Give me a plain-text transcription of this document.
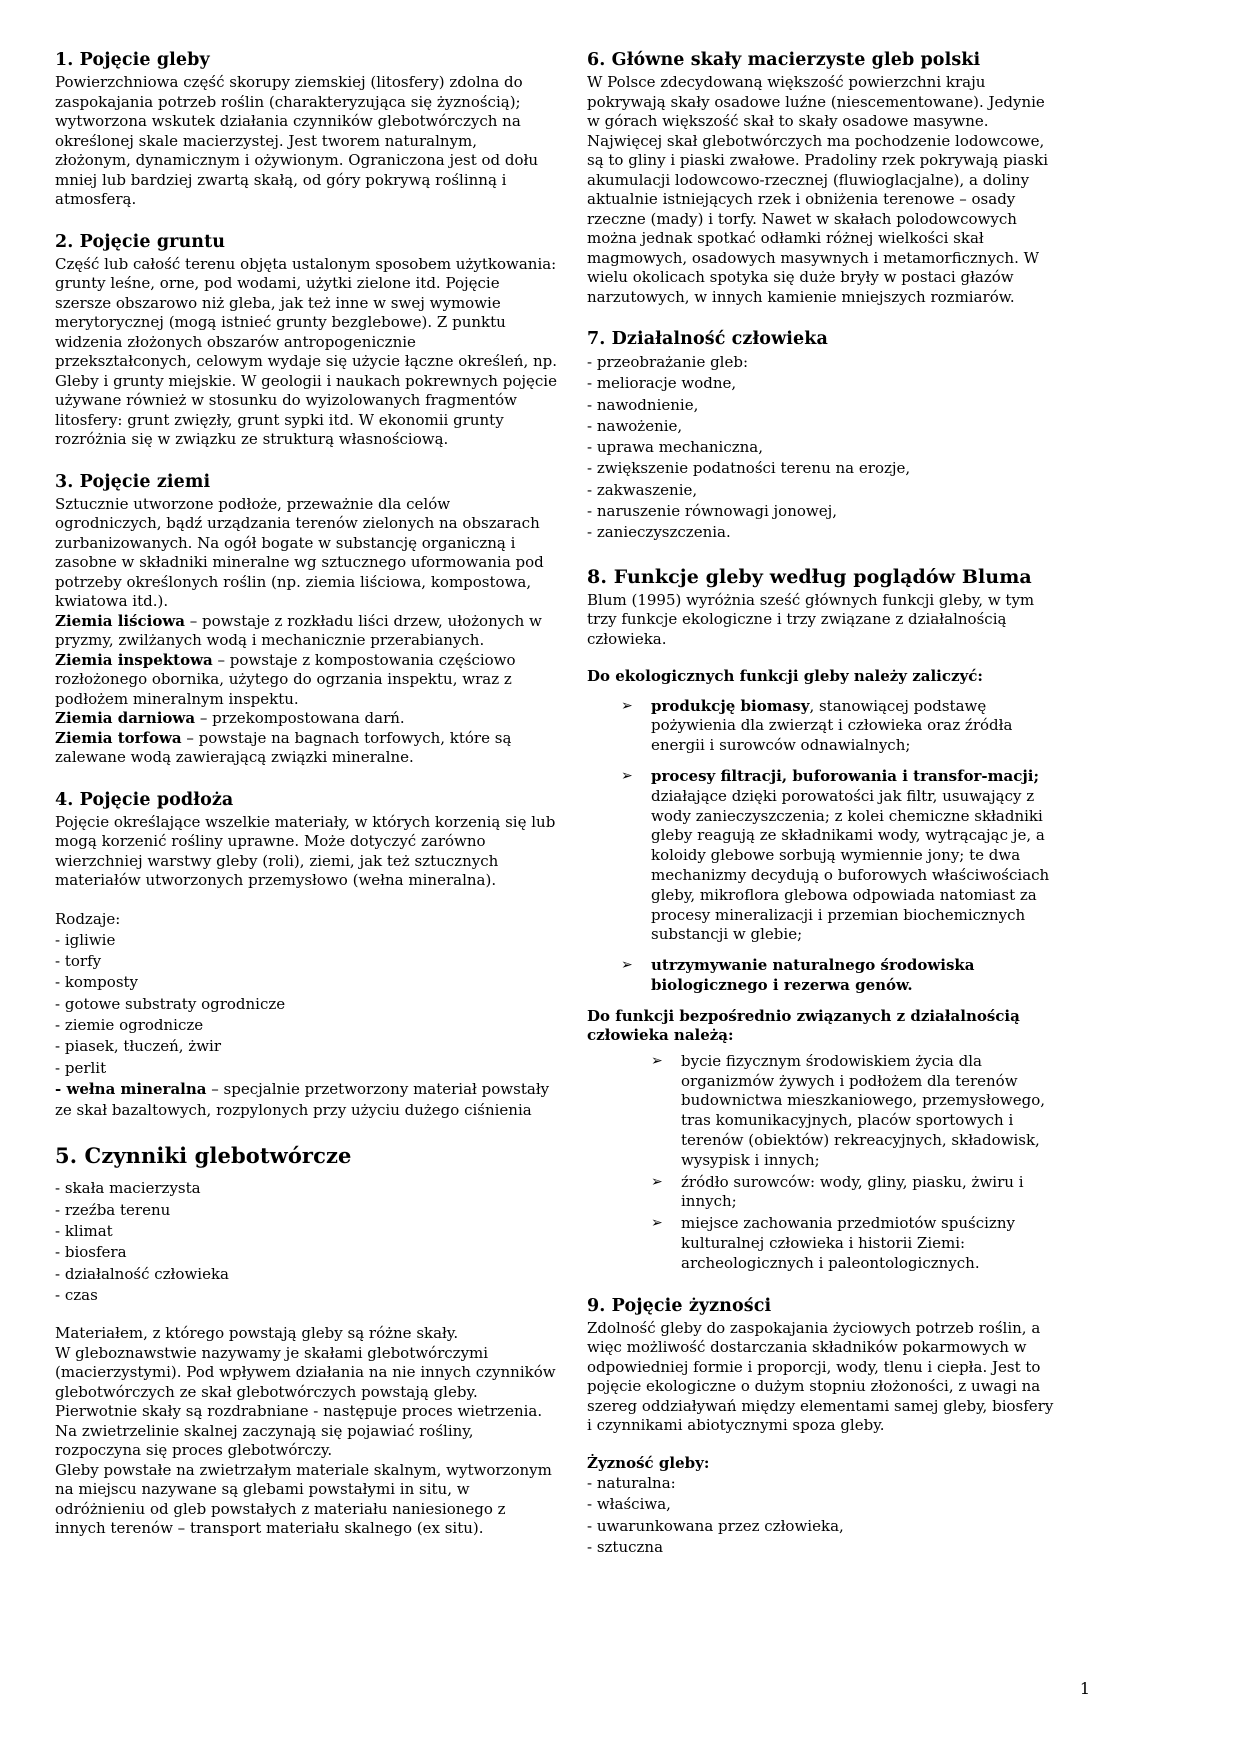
1. Pojęcie gleby
Powierzchniowa część skorupy ziemskiej (litosfery) zdolna do zaspokajania potrzeb roślin (charakteryzująca się żyznością); wytworzona wskutek działania czynników glebotwórczych na określonej skale macierzystej. Jest tworem naturalnym, złożonym, dynamicznym i ożywionym. Ograniczona jest od dołu mniej lub bardziej zwartą skałą, od góry pokrywą roślinną i atmosferą.
2. Pojęcie gruntu
Część lub całość terenu objęta ustalonym sposobem użytkowania: grunty leśne, orne, pod wodami, użytki zielone itd. Pojęcie szersze obszarowo niż gleba, jak też inne w swej wymowie merytorycznej (mogą istnieć grunty bezglebowe). Z punktu widzenia złożonych obszarów antropogenicznie przekształconych, celowym wydaje się użycie łączne określeń, np. Gleby i grunty miejskie. W geologii i naukach pokrewnych pojęcie używane również w stosunku do wyizolowanych fragmentów litosfery: grunt zwięzły, grunt sypki itd. W ekonomii grunty rozróżnia się w związku ze strukturą własnościową.
3. Pojęcie ziemi
Sztucznie utworzone podłoże, przeważnie dla celów ogrodniczych, bądź urządzania terenów zielonych na obszarach zurbanizowanych. Na ogół bogate w substancję organiczną i zasobne w składniki mineralne wg sztucznego uformowania pod potrzeby określonych roślin (np. ziemia liściowa, kompostowa, kwiatowa itd.).
Ziemia liściowa – powstaje z rozkładu liści drzew, ułożonych w pryzmy, zwilżanych wodą i mechanicznie przerabianych.
Ziemia inspektowa – powstaje z kompostowania częściowo rozłożonego obornika, użytego do ogrzania inspektu, wraz z podłożem mineralnym inspektu.
Ziemia darniowa – przekompostowana darń.
Ziemia torfowa – powstaje na bagnach torfowych, które są zalewane wodą zawierającą związki mineralne.
4. Pojęcie podłoża
Pojęcie określające wszelkie materiały, w których korzenią się lub mogą korzenić rośliny uprawne. Może dotyczyć zarówno wierzchniej warstwy gleby (roli), ziemi, jak też sztucznych materiałów utworzonych przemysłowo (wełna mineralna).
Rodzaje:
- igliwie
- torfy
- komposty
- gotowe substraty ogrodnicze
- ziemie ogrodnicze
- piasek, tłuczeń, żwir
- perlit
- wełna mineralna – specjalnie przetworzony materiał powstały ze skał bazaltowych, rozpylonych przy użyciu dużego ciśnienia
5. Czynniki glebotwórcze
- skała macierzysta
- rzeźba terenu
- klimat
- biosfera
- działalność człowieka
- czas
Materiałem, z którego powstają gleby są różne skały.
W gleboznawstwie nazywamy je skałami glebotwórczymi (macierzystymi). Pod wpływem działania na nie innych czynników glebotwórczych ze skał glebotwórczych powstają gleby.
Pierwotnie skały są rozdrabniane - następuje proces wietrzenia. Na zwietrzelinie skalnej zaczynają się pojawiać rośliny, rozpoczyna się proces glebotwórczy.
Gleby powstałe na zwietrzałym materiale skalnym, wytworzonym na miejscu nazywane są glebami powstałymi in situ, w odróżnieniu od gleb powstałych z materiału naniesionego z innych terenów – transport materiału skalnego (ex situ).
6. Główne skały macierzyste gleb polski
W Polsce zdecydowaną większość powierzchni kraju pokrywają skały osadowe luźne (niescementowane). Jedynie w górach większość skał to skały osadowe masywne. Najwięcej skał glebotwórczych ma pochodzenie lodowcowe, są to gliny i piaski zwałowe. Pradoliny rzek pokrywają piaski akumulacji lodowcowo-rzecznej (fluwioglacjalne), a doliny aktualnie istniejących rzek i obniżenia terenowe – osady rzeczne (mady) i torfy. Nawet w skałach polodowcowych można jednak spotkać odłamki różnej wielkości skał magmowych, osadowych masywnych i metamorficznych. W wielu okolicach spotyka się duże bryły w postaci głazów narzutowych, w innych kamienie mniejszych rozmiarów.
7. Działalność człowieka
- przeobrażanie gleb:
- melioracje wodne,
- nawodnienie,
- nawożenie,
- uprawa mechaniczna,
- zwiększenie podatności terenu na erozje,
- zakwaszenie,
- naruszenie równowagi jonowej,
- zanieczyszczenia.
8. Funkcje gleby według poglądów Bluma
Blum (1995) wyróżnia sześć głównych funkcji gleby, w tym trzy funkcje ekologiczne i trzy związane z działalnością człowieka.
Do ekologicznych funkcji gleby należy zaliczyć:
➢	produkcję biomasy, stanowiącej podstawę pożywienia dla zwierząt i człowieka oraz źródła energii i surowców odnawialnych;
➢	procesy filtracji, buforowania i transfor-macji; działające dzięki porowatości jak filtr, usuwający z wody zanieczyszczenia; z kolei chemiczne składniki gleby reagują ze składnikami wody, wytrącając je, a koloidy glebowe sorbują wymiennie jony; te dwa mechanizmy decydują o buforowych właściwościach gleby, mikroflora glebowa odpowiada natomiast za procesy mineralizacji i przemian biochemicznych substancji w glebie;
➢	utrzymywanie naturalnego środowiska biologicznego i rezerwa genów.
Do funkcji bezpośrednio związanych z działalnością człowieka należą:
➢	bycie fizycznym środowiskiem życia dla organizmów żywych i podłożem dla terenów budownictwa mieszkaniowego, przemysłowego, tras komunikacyjnych, placów sportowych i terenów (obiektów) rekreacyjnych, składowisk, wysypisk i innych;
➢	źródło surowców: wody, gliny, piasku, żwiru i innych;
➢	miejsce zachowania przedmiotów spuścizny kulturalnej człowieka i historii Ziemi: archeologicznych i paleontologicznych.
9. Pojęcie żyzności
Zdolność gleby do zaspokajania życiowych potrzeb roślin, a więc możliwość dostarczania składników pokarmowych w odpowiedniej formie i proporcji, wody, tlenu i ciepła. Jest to pojęcie ekologiczne o dużym stopniu złożoności, z uwagi na szereg oddziaływań między elementami samej gleby, biosfery i czynnikami abiotycznymi spoza gleby.
Żyzność gleby:
- naturalna:
- właściwa,
- uwarunkowana przez człowieka,
- sztuczna
1
